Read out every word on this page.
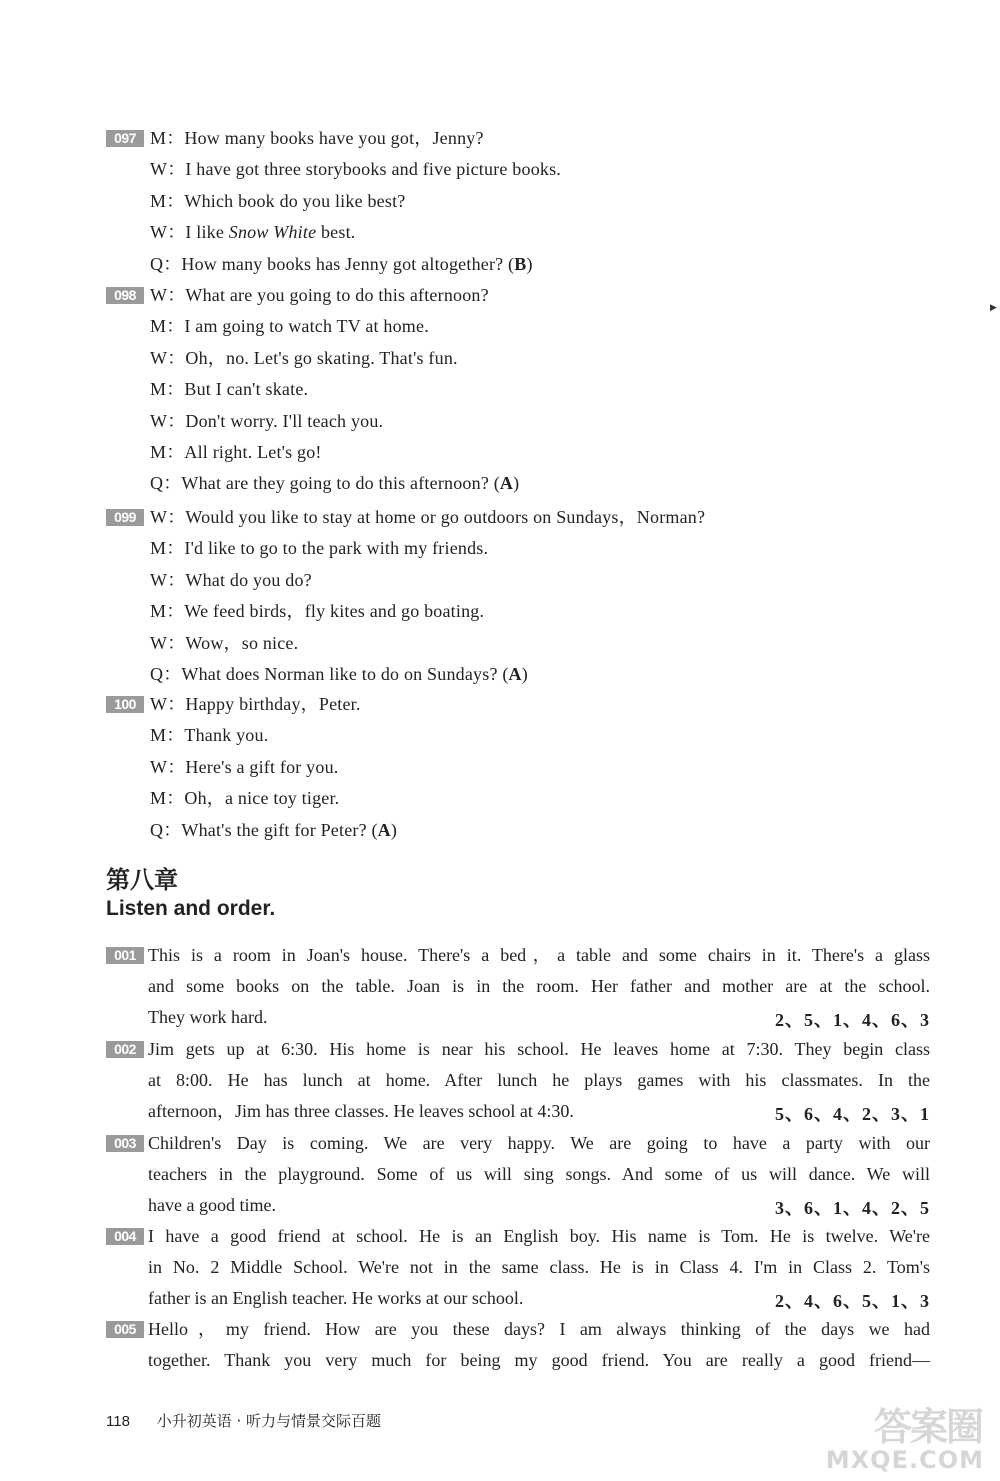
097 M：How many books have you got，Jenny?
W：I have got three storybooks and five picture books.
M：Which book do you like best?
W：I like Snow White best.
Q：How many books has Jenny got altogether? (B)
098 W：What are you going to do this afternoon?
M：I am going to watch TV at home.
W：Oh，no. Let's go skating. That's fun.
M：But I can't skate.
W：Don't worry. I'll teach you.
M：All right. Let's go!
Q：What are they going to do this afternoon? (A)
099 W：Would you like to stay at home or go outdoors on Sundays，Norman?
M：I'd like to go to the park with my friends.
W：What do you do?
M：We feed birds，fly kites and go boating.
W：Wow，so nice.
Q：What does Norman like to do on Sundays? (A)
100 W：Happy birthday，Peter.
M：Thank you.
W：Here's a gift for you.
M：Oh，a nice toy tiger.
Q：What's the gift for Peter? (A)
第八章
Listen and order.
001 This is a room in Joan's house. There's a bed，a table and some chairs in it. There's a glass
and some books on the table. Joan is in the room. Her father and mother are at the school.
They work hard.	2、5、1、4、6、3
002 Jim gets up at 6:30. His home is near his school. He leaves home at 7:30. They begin class
at 8:00. He has lunch at home. After lunch he plays games with his classmates. In the
afternoon，Jim has three classes. He leaves school at 4:30.	5、6、4、2、3、1
003 Children's Day is coming. We are very happy. We are going to have a party with our
teachers in the playground. Some of us will sing songs. And some of us will dance. We will
have a good time.	3、6、1、4、2、5
004 I have a good friend at school. He is an English boy. His name is Tom. He is twelve. We're
in No. 2 Middle School. We're not in the same class. He is in Class 4. I'm in Class 2. Tom's
father is an English teacher. He works at our school.	2、4、6、5、1、3
005 Hello，my friend. How are you these days? I am always thinking of the days we had
together. Thank you very much for being my good friend. You are really a good friend—
118 小升初英语 · 听力与情景交际百题	答案圈
MXQE.COM
▶
